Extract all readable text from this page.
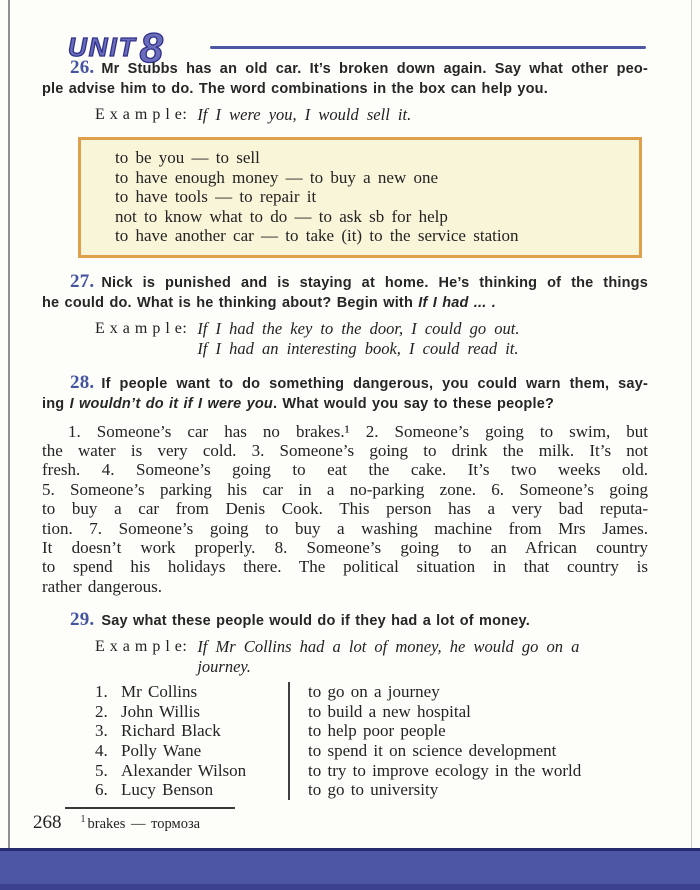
UNIT8
26. Mr Stubbs has an old car. It’s broken down again. Say what other peo-
ple advise him to do. The word combinations in the box can help you.
E x a m p l e: If I were you, I would sell it.
to be you — to sell
to have enough money — to buy a new one
to have tools — to repair it
not to know what to do — to ask sb for help
to have another car — to take (it) to the service station
27. Nick is punished and is staying at home. He’s thinking of the things
he could do. What is he thinking about? Begin with If I had ... .
E x a m p l e: If I had the key to the door, I could go out.
If I had an interesting book, I could read it.
28. If people want to do something dangerous, you could warn them, say-
ing I wouldn’t do it if I were you. What would you say to these people?
1. Someone’s car has no brakes.¹ 2. Someone’s going to swim, but
the water is very cold. 3. Someone’s going to drink the milk. It’s not
fresh. 4. Someone’s going to eat the cake. It’s two weeks old.
5. Someone’s parking his car in a no-parking zone. 6. Someone’s going
to buy a car from Denis Cook. This person has a very bad reputa-
tion. 7. Someone’s going to buy a washing machine from Mrs James.
It doesn’t work properly. 8. Someone’s going to an African country
to spend his holidays there. The political situation in that country is
rather dangerous.
29. Say what these people would do if they had a lot of money.
E x a m p l e: If Mr Collins had a lot of money, he would go on a
journey.
1. Mr Collins	to go on a journey
2. John Willis	to build a new hospital
3. Richard Black	to help poor people
4. Polly Wane	to spend it on science development
5. Alexander Wilson	to try to improve ecology in the world
6. Lucy Benson	to go to university
268 $^1$ brakes — тормоза
